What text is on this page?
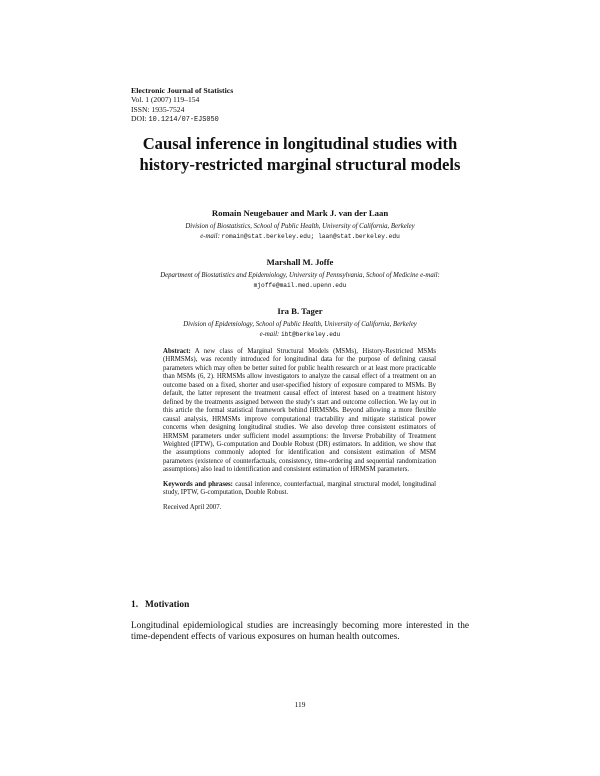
Electronic Journal of Statistics
Vol. 1 (2007) 119–154
ISSN: 1935-7524
DOI: 10.1214/07-EJS050
Causal inference in longitudinal studies with history-restricted marginal structural models
Romain Neugebauer and Mark J. van der Laan
Division of Biostatistics, School of Public Health, University of California, Berkeley
e-mail: romain@stat.berkeley.edu; laan@stat.berkeley.edu
Marshall M. Joffe
Department of Biostatistics and Epidemiology, University of Pennsylvania, School of Medicine e-mail: mjoffe@mail.med.upenn.edu
Ira B. Tager
Division of Epidemiology, School of Public Health, University of California, Berkeley
e-mail: ibt@berkeley.edu

Abstract: A new class of Marginal Structural Models (MSMs), History-Restricted MSMs (HRMSMs), was recently introduced for longitudinal data for the purpose of defining causal parameters which may often be better suited for public health research or at least more practicable than MSMs (6, 2). HRMSMs allow investigators to analyze the causal effect of a treatment on an outcome based on a fixed, shorter and user-specified history of exposure compared to MSMs. By default, the latter represent the treatment causal effect of interest based on a treatment history defined by the treatments assigned between the study’s start and outcome collection. We lay out in this article the formal statistical framework behind HRMSMs. Beyond allowing a more flexible causal analysis, HRMSMs improve computational tractability and mitigate statistical power concerns when designing longitudinal studies. We also develop three consistent estimators of HRMSM parameters under sufficient model assumptions: the Inverse Probability of Treatment Weighted (IPTW), G-computation and Double Robust (DR) estimators. In addition, we show that the assumptions commonly adopted for identification and consistent estimation of MSM parameters (existence of counterfactuals, consistency, time-ordering and sequential randomization assumptions) also lead to identification and consistent estimation of HRMSM parameters.

Keywords and phrases: causal inference, counterfactual, marginal structural model, longitudinal study, IPTW, G-computation, Double Robust.

Received April 2007.

1. Motivation
Longitudinal epidemiological studies are increasingly becoming more interested in the time-dependent effects of various exposures on human health outcomes.
119
